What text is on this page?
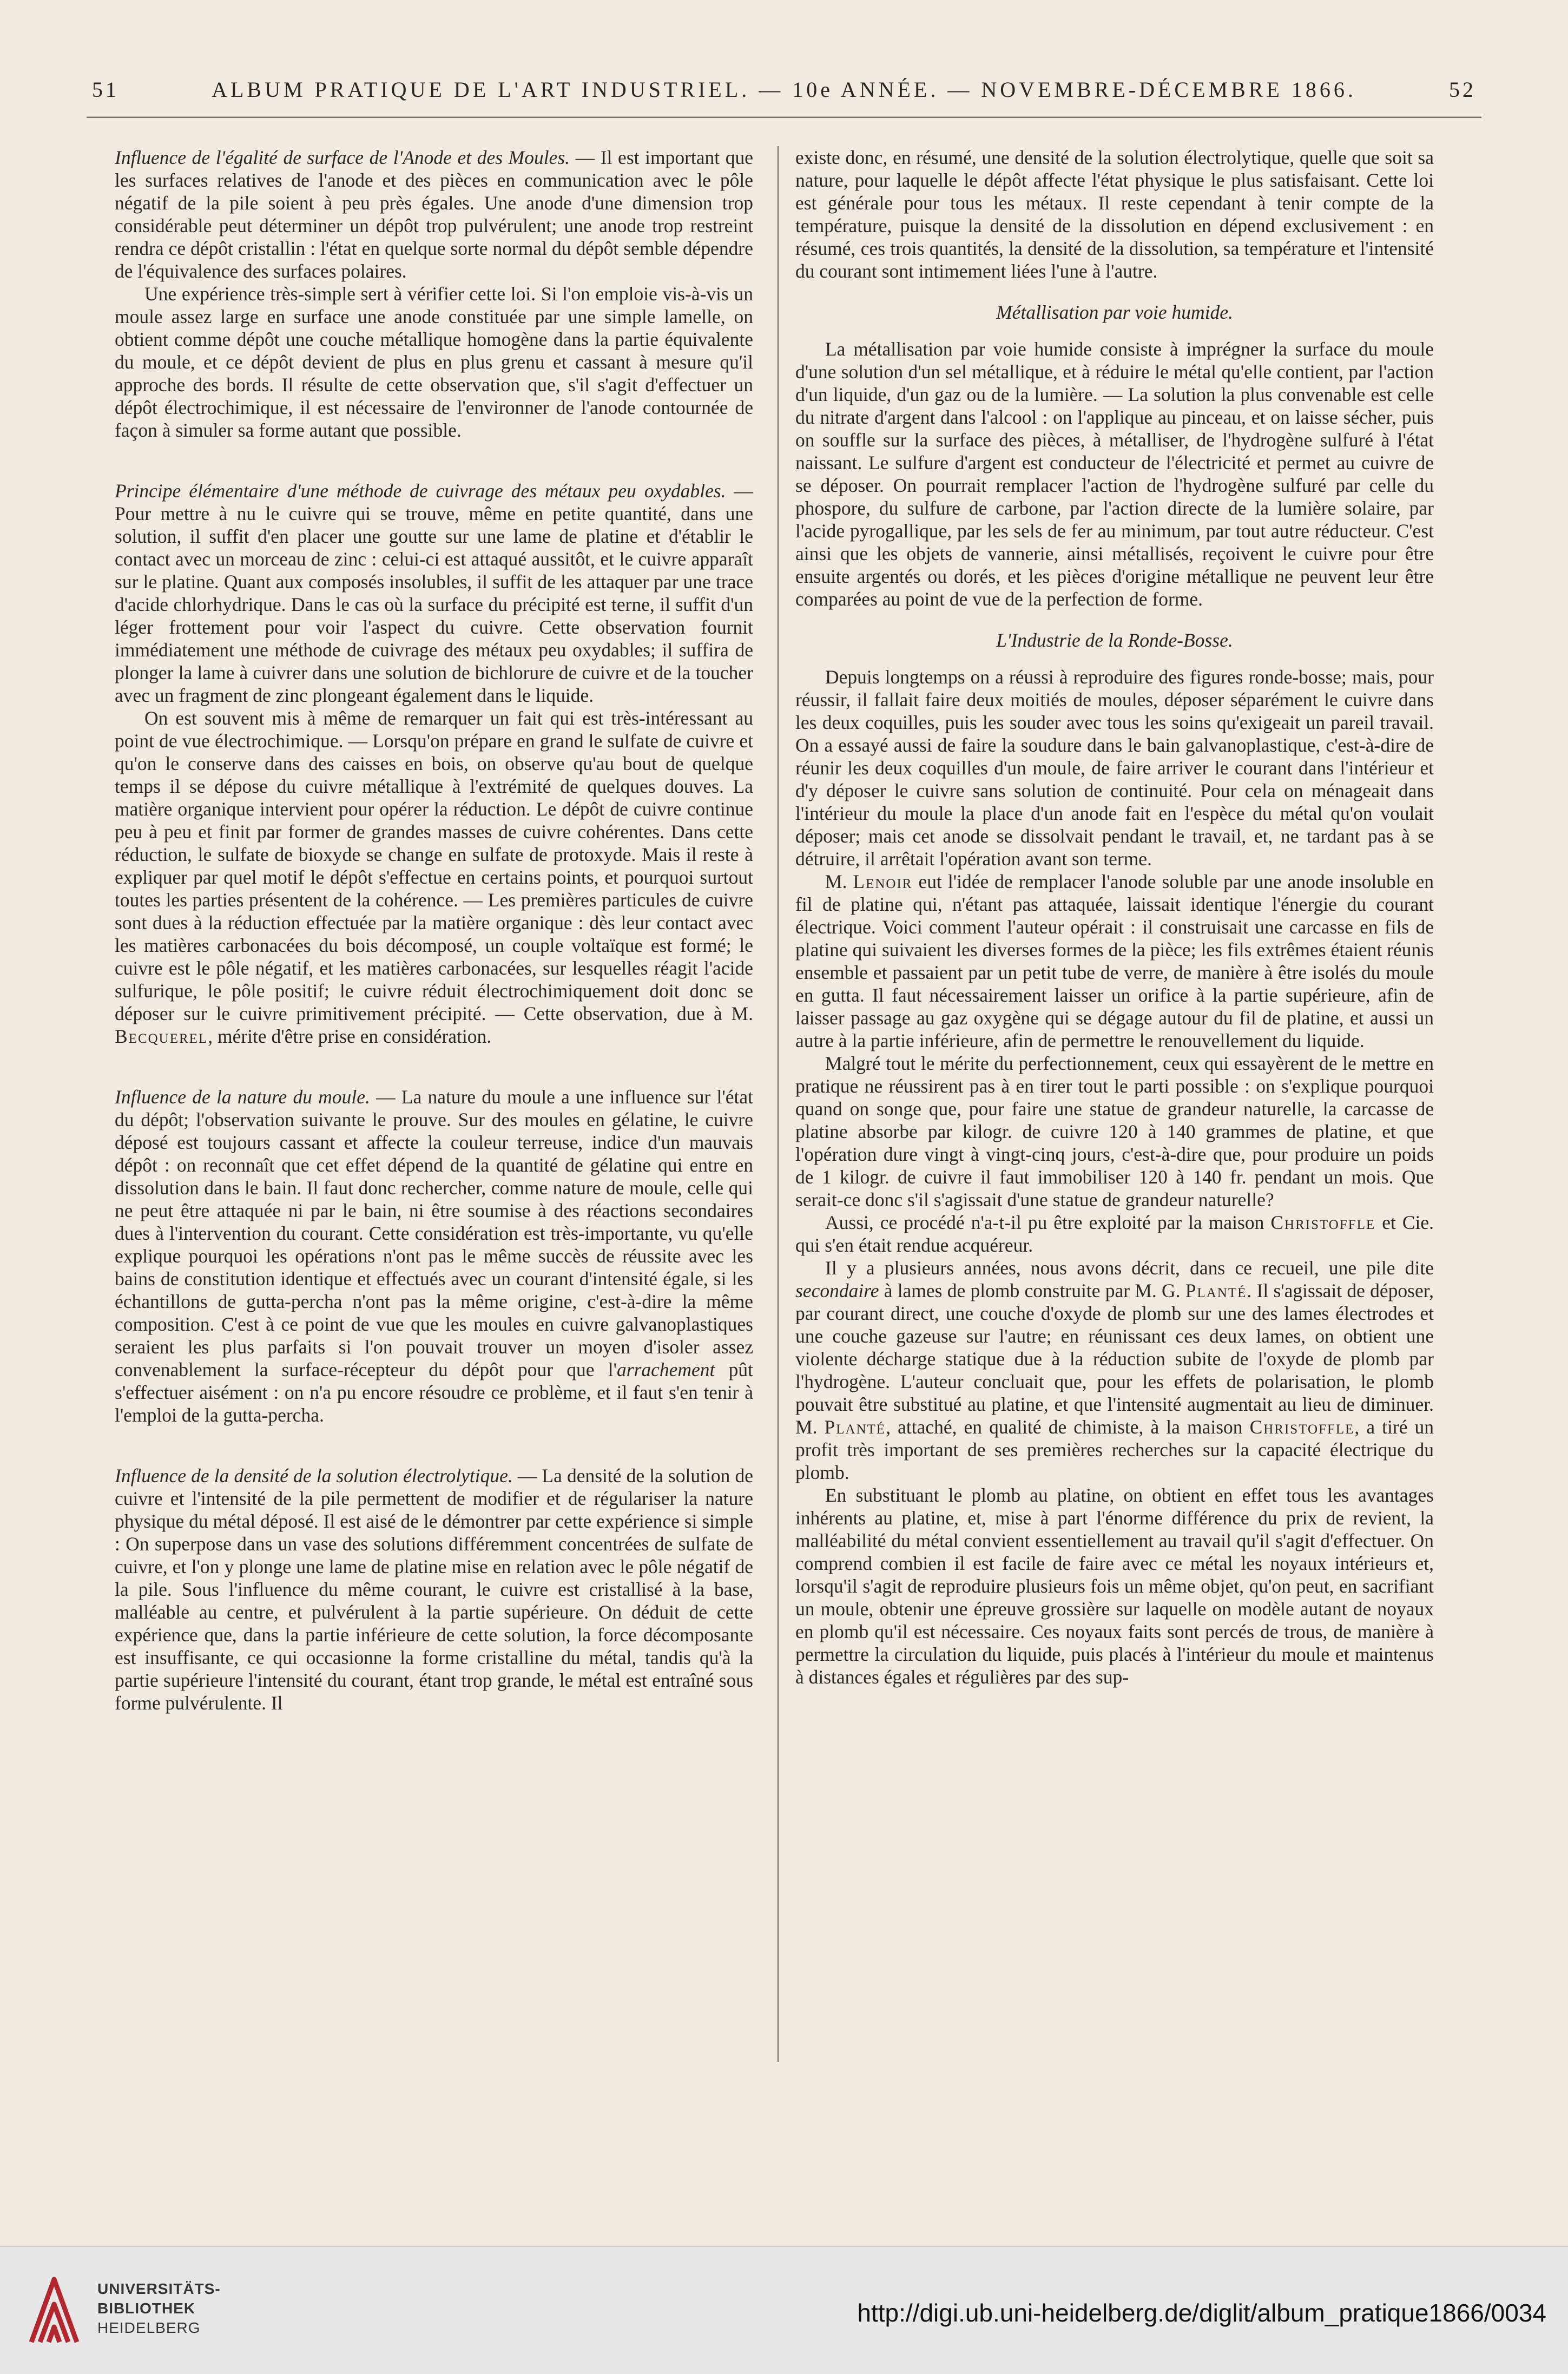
51	ALBUM PRATIQUE DE L'ART INDUSTRIEL. — 10e ANNÉE. — NOVEMBRE-DÉCEMBRE 1866.	52

Influence de l'égalité de surface de l'Anode et des Moules. — Il est important que les surfaces relatives de l'anode et des pièces en communication avec le pôle négatif de la pile soient à peu près égales. Une anode d'une dimension trop considérable peut déterminer un dépôt trop pulvérulent; une anode trop restreint rendra ce dépôt cristallin : l'état en quelque sorte normal du dépôt semble dépendre de l'équivalence des surfaces polaires.

Une expérience très-simple sert à vérifier cette loi. Si l'on emploie vis-à-vis un moule assez large en surface une anode constituée par une simple lamelle, on obtient comme dépôt une couche métallique homogène dans la partie équivalente du moule, et ce dépôt devient de plus en plus grenu et cassant à mesure qu'il approche des bords. Il résulte de cette observation que, s'il s'agit d'effectuer un dépôt électrochimique, il est nécessaire de l'environner de l'anode contournée de façon à simuler sa forme autant que possible.

Principe élémentaire d'une méthode de cuivrage des métaux peu oxydables. — Pour mettre à nu le cuivre qui se trouve, même en petite quantité, dans une solution, il suffit d'en placer une goutte sur une lame de platine et d'établir le contact avec un morceau de zinc : celui-ci est attaqué aussitôt, et le cuivre apparaît sur le platine. Quant aux composés insolubles, il suffit de les attaquer par une trace d'acide chlorhydrique. Dans le cas où la surface du précipité est terne, il suffit d'un léger frottement pour voir l'aspect du cuivre. Cette observation fournit immédiatement une méthode de cuivrage des métaux peu oxydables; il suffira de plonger la lame à cuivrer dans une solution de bichlorure de cuivre et de la toucher avec un fragment de zinc plongeant également dans le liquide.

On est souvent mis à même de remarquer un fait qui est très-intéressant au point de vue électrochimique. — Lorsqu'on prépare en grand le sulfate de cuivre et qu'on le conserve dans des caisses en bois, on observe qu'au bout de quelque temps il se dépose du cuivre métallique à l'extrémité de quelques douves. La matière organique intervient pour opérer la réduction. Le dépôt de cuivre continue peu à peu et finit par former de grandes masses de cuivre cohérentes. Dans cette réduction, le sulfate de bioxyde se change en sulfate de protoxyde. Mais il reste à expliquer par quel motif le dépôt s'effectue en certains points, et pourquoi surtout toutes les parties présentent de la cohérence. — Les premières particules de cuivre sont dues à la réduction effectuée par la matière organique : dès leur contact avec les matières carbonacées du bois décomposé, un couple voltaïque est formé; le cuivre est le pôle négatif, et les matières carbonacées, sur lesquelles réagit l'acide sulfurique, le pôle positif; le cuivre réduit électrochimiquement doit donc se déposer sur le cuivre primitivement précipité. — Cette observation, due à M. Becquerel, mérite d'être prise en considération.

Influence de la nature du moule. — La nature du moule a une influence sur l'état du dépôt; l'observation suivante le prouve. Sur des moules en gélatine, le cuivre déposé est toujours cassant et affecte la couleur terreuse, indice d'un mauvais dépôt : on reconnaît que cet effet dépend de la quantité de gélatine qui entre en dissolution dans le bain. Il faut donc rechercher, comme nature de moule, celle qui ne peut être attaquée ni par le bain, ni être soumise à des réactions secondaires dues à l'intervention du courant. Cette considération est très-importante, vu qu'elle explique pourquoi les opérations n'ont pas le même succès de réussite avec les bains de constitution identique et effectués avec un courant d'intensité égale, si les échantillons de gutta-percha n'ont pas la même origine, c'est-à-dire la même composition. C'est à ce point de vue que les moules en cuivre galvanoplastiques seraient les plus parfaits si l'on pouvait trouver un moyen d'isoler assez convenablement la surface-récepteur du dépôt pour que l'arrachement pût s'effectuer aisément : on n'a pu encore résoudre ce problème, et il faut s'en tenir à l'emploi de la gutta-percha.

Influence de la densité de la solution électrolytique. — La densité de la solution de cuivre et l'intensité de la pile permettent de modifier et de régulariser la nature physique du métal déposé. Il est aisé de le démontrer par cette expérience si simple : On superpose dans un vase des solutions différemment concentrées de sulfate de cuivre, et l'on y plonge une lame de platine mise en relation avec le pôle négatif de la pile. Sous l'influence du même courant, le cuivre est cristallisé à la base, malléable au centre, et pulvérulent à la partie supérieure. On déduit de cette expérience que, dans la partie inférieure de cette solution, la force décomposante est insuffisante, ce qui occasionne la forme cristalline du métal, tandis qu'à la partie supérieure l'intensité du courant, étant trop grande, le métal est entraîné sous forme pulvérulente. Il

existe donc, en résumé, une densité de la solution électrolytique, quelle que soit sa nature, pour laquelle le dépôt affecte l'état physique le plus satisfaisant. Cette loi est générale pour tous les métaux. Il reste cependant à tenir compte de la température, puisque la densité de la dissolution en dépend exclusivement : en résumé, ces trois quantités, la densité de la dissolution, sa température et l'intensité du courant sont intimement liées l'une à l'autre.

Métallisation par voie humide.

La métallisation par voie humide consiste à imprégner la surface du moule d'une solution d'un sel métallique, et à réduire le métal qu'elle contient, par l'action d'un liquide, d'un gaz ou de la lumière. — La solution la plus convenable est celle du nitrate d'argent dans l'alcool : on l'applique au pinceau, et on laisse sécher, puis on souffle sur la surface des pièces, à métalliser, de l'hydrogène sulfuré à l'état naissant. Le sulfure d'argent est conducteur de l'électricité et permet au cuivre de se déposer. On pourrait remplacer l'action de l'hydrogène sulfuré par celle du phospore, du sulfure de carbone, par l'action directe de la lumière solaire, par l'acide pyrogallique, par les sels de fer au minimum, par tout autre réducteur. C'est ainsi que les objets de vannerie, ainsi métallisés, reçoivent le cuivre pour être ensuite argentés ou dorés, et les pièces d'origine métallique ne peuvent leur être comparées au point de vue de la perfection de forme.

L'Industrie de la Ronde-Bosse.

Depuis longtemps on a réussi à reproduire des figures ronde-bosse; mais, pour réussir, il fallait faire deux moitiés de moules, déposer séparément le cuivre dans les deux coquilles, puis les souder avec tous les soins qu'exigeait un pareil travail. On a essayé aussi de faire la soudure dans le bain galvanoplastique, c'est-à-dire de réunir les deux coquilles d'un moule, de faire arriver le courant dans l'intérieur et d'y déposer le cuivre sans solution de continuité. Pour cela on ménageait dans l'intérieur du moule la place d'un anode fait en l'espèce du métal qu'on voulait déposer; mais cet anode se dissolvait pendant le travail, et, ne tardant pas à se détruire, il arrêtait l'opération avant son terme.

M. Lenoir eut l'idée de remplacer l'anode soluble par une anode insoluble en fil de platine qui, n'étant pas attaquée, laissait identique l'énergie du courant électrique. Voici comment l'auteur opérait : il construisait une carcasse en fils de platine qui suivaient les diverses formes de la pièce; les fils extrêmes étaient réunis ensemble et passaient par un petit tube de verre, de manière à être isolés du moule en gutta. Il faut nécessairement laisser un orifice à la partie supérieure, afin de laisser passage au gaz oxygène qui se dégage autour du fil de platine, et aussi un autre à la partie inférieure, afin de permettre le renouvellement du liquide.

Malgré tout le mérite du perfectionnement, ceux qui essayèrent de le mettre en pratique ne réussirent pas à en tirer tout le parti possible : on s'explique pourquoi quand on songe que, pour faire une statue de grandeur naturelle, la carcasse de platine absorbe par kilogr. de cuivre 120 à 140 grammes de platine, et que l'opération dure vingt à vingt-cinq jours, c'est-à-dire que, pour produire un poids de 1 kilogr. de cuivre il faut immobiliser 120 à 140 fr. pendant un mois. Que serait-ce donc s'il s'agissait d'une statue de grandeur naturelle?

Aussi, ce procédé n'a-t-il pu être exploité par la maison Christoffle et Cie. qui s'en était rendue acquéreur.

Il y a plusieurs années, nous avons décrit, dans ce recueil, une pile dite secondaire à lames de plomb construite par M. G. Planté. Il s'agissait de déposer, par courant direct, une couche d'oxyde de plomb sur une des lames électrodes et une couche gazeuse sur l'autre; en réunissant ces deux lames, on obtient une violente décharge statique due à la réduction subite de l'oxyde de plomb par l'hydrogène. L'auteur concluait que, pour les effets de polarisation, le plomb pouvait être substitué au platine, et que l'intensité augmentait au lieu de diminuer. M. Planté, attaché, en qualité de chimiste, à la maison Christoffle, a tiré un profit très important de ses premières recherches sur la capacité électrique du plomb.

En substituant le plomb au platine, on obtient en effet tous les avantages inhérents au platine, et, mise à part l'énorme différence du prix de revient, la malléabilité du métal convient essentiellement au travail qu'il s'agit d'effectuer. On comprend combien il est facile de faire avec ce métal les noyaux intérieurs et, lorsqu'il s'agit de reproduire plusieurs fois un même objet, qu'on peut, en sacrifiant un moule, obtenir une épreuve grossière sur laquelle on modèle autant de noyaux en plomb qu'il est nécessaire. Ces noyaux faits sont percés de trous, de manière à permettre la circulation du liquide, puis placés à l'intérieur du moule et maintenus à distances égales et régulières par des sup-

UNIVERSITÄTS-
BIBLIOTHEK
HEIDELBERG
http://digi.ub.uni-heidelberg.de/diglit/album_pratique1866/0034
